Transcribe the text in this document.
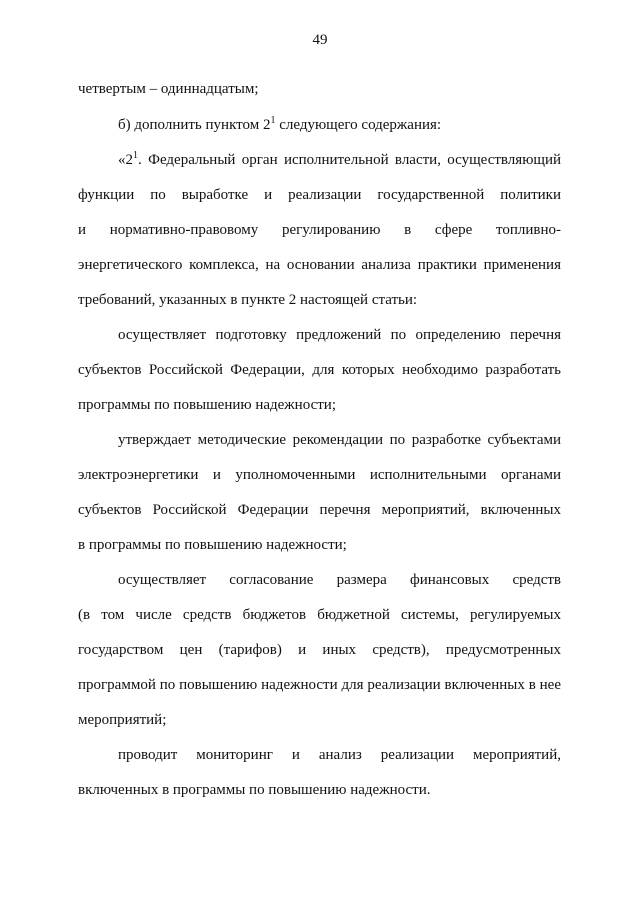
49
четвертым – одиннадцатым;
б) дополнить пунктом $2^1$ следующего содержания:
«$2^1$. Федеральный орган исполнительной власти, осуществляющий
функции по выработке и реализации государственной политики
и нормативно-правовому регулированию в сфере топливно-
энергетического комплекса, на основании анализа практики применения
требований, указанных в пункте 2 настоящей статьи:
осуществляет подготовку предложений по определению перечня
субъектов Российской Федерации, для которых необходимо разработать
программы по повышению надежности;
утверждает методические рекомендации по разработке субъектами
электроэнергетики и уполномоченными исполнительными органами
субъектов Российской Федерации перечня мероприятий, включенных
в программы по повышению надежности;
осуществляет согласование размера финансовых средств
(в том числе средств бюджетов бюджетной системы, регулируемых
государством цен (тарифов) и иных средств), предусмотренных
программой по повышению надежности для реализации включенных в нее
мероприятий;
проводит мониторинг и анализ реализации мероприятий,
включенных в программы по повышению надежности.
